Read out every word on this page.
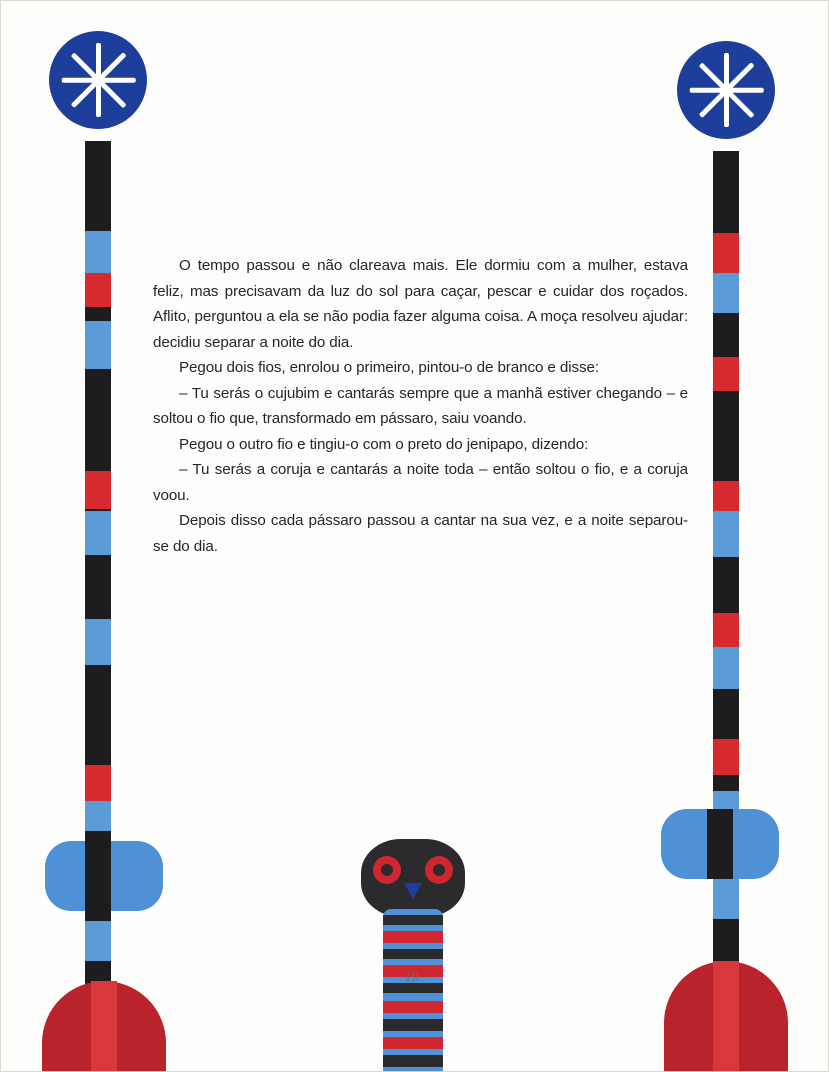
19

O tempo passou e não clareava mais. Ele dormiu com a mulher, estava feliz, mas precisavam da luz do sol para caçar, pescar e cuidar dos roçados. Aflito, perguntou a ela se não podia fazer alguma coisa. A moça resolveu ajudar: decidiu separar a noite do dia.

Pegou dois fios, enrolou o primeiro, pintou-o de branco e disse:

– Tu serás o cujubim e cantarás sempre que a manhã estiver chegando – e soltou o fio que, transformado em pássaro, saiu voando.

Pegou o outro fio e tingiu-o com o preto do jenipapo, dizendo:

– Tu serás a coruja e cantarás a noite toda – então soltou o fio, e a coruja voou.

Depois disso cada pássaro passou a cantar na sua vez, e a noite separou-se do dia.
